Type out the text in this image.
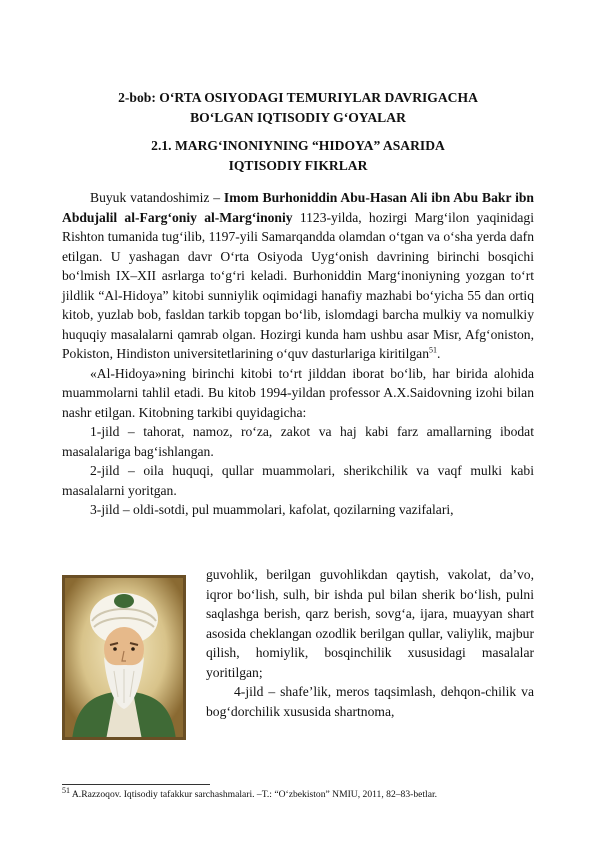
2-bob: O‘RTA OSIYODAGI TEMURIYLAR DAVRIGACHA
BO‘LGAN IQTISODIY G‘OYALAR
2.1. MARG‘INONIYNING “HIDOYA” ASARIDA
IQTISODIY FIKRLAR

Buyuk vatandoshimiz – Imom Burhoniddin Abu-Hasan Ali ibn Abu Bakr ibn Abdujalil al-Farg‘oniy al-Marg‘inoniy 1123-yilda, hozirgi Marg‘ilon yaqinidagi Rishton tumanida tug‘ilib, 1197-yili Samarqandda olamdan o‘tgan va o‘sha yerda dafn etilgan. U yashagan davr O‘rta Osiyoda Uyg‘onish davrining birinchi bosqichi bo‘lmish IX–XII asrlarga to‘g‘ri keladi. Burhoniddin Marg‘inoniyning yozgan to‘rt jildlik “Al-Hidoya” kitobi sunniylik oqimidagi hanafiy mazhabi bo‘yicha 55 dan ortiq kitob, yuzlab bob, fasldan tarkib topgan bo‘lib, islomdagi barcha mulkiy va nomulkiy huquqiy masalalarni qamrab olgan. Hozirgi kunda ham ushbu asar Misr, Afg‘oniston, Pokiston, Hindiston universitetlarining o‘quv dasturlariga kiritilgan$^{51}$.

«Al-Hidoya»ning birinchi kitobi to‘rt jilddan iborat bo‘lib, har birida alohida muammolarni tahlil etadi. Bu kitob 1994-yildan professor A.X.Saidovning izohi bilan nashr etilgan. Kitobning tarkibi quyidagicha:

1-jild – tahorat, namoz, ro‘za, zakot va haj kabi farz amallarning ibodat masalalariga bag‘ishlangan.

2-jild – oila huquqi, qullar muammolari, sherikchilik va vaqf mulki kabi masalalarni yoritgan.

3-jild – oldi-sotdi, pul muammolari, kafolat, qozilarning vazifalari,

guvohlik, berilgan guvohlikdan qaytish, vakolat, da’vo, iqror bo‘lish, sulh, bir ishda pul bilan sherik bo‘lish, pulni saqlashga berish, qarz berish, sovg‘a, ijara, muayyan shart asosida cheklangan ozodlik berilgan qullar, valiylik, majbur qilish, homiylik, bosqinchilik xususidagi masalalar yoritilgan;

4-jild – shafe’lik, meros taqsimlash, dehqon-chilik va bog‘dorchilik xususida shartnoma,

$^{51}$ A.Razzoqov. Iqtisodiy tafakkur sarchashmalari. –T.: “O‘zbekiston” NMIU, 2011, 82–83-betlar.
